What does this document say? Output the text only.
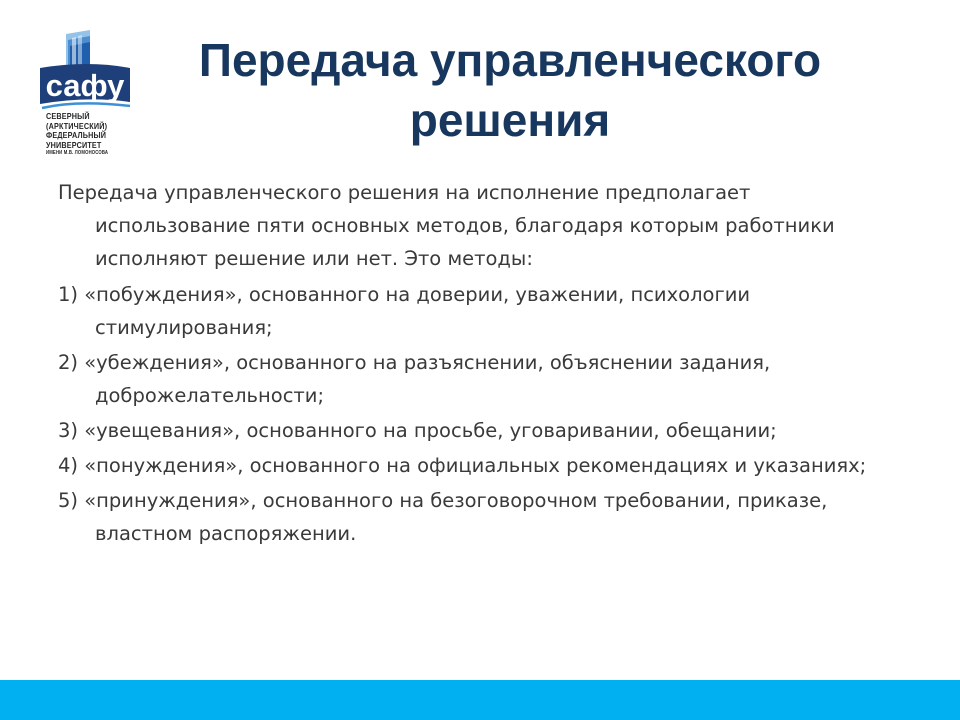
сафу
СЕВЕРНЫЙ
(АРКТИЧЕСКИЙ)
ФЕДЕРАЛЬНЫЙ
УНИВЕРСИТЕТ
ИМЕНИ М.В. ЛОМОНОСОВА
Передача управленческого
решения

Передача управленческого решения на исполнение предполагает использование пяти основных методов, благодаря которым работники исполняют решение или нет. Это методы:

1) «побуждения», основанного на доверии, уважении, психологии стимулирования;

2) «убеждения», основанного на разъяснении, объяснении задания, доброжелательности;

3) «увещевания», основанного на просьбе, уговаривании, обещании;

4) «понуждения», основанного на официальных рекомендациях и указаниях;

5) «принуждения», основанного на безоговорочном требовании, приказе, властном распоряжении.
